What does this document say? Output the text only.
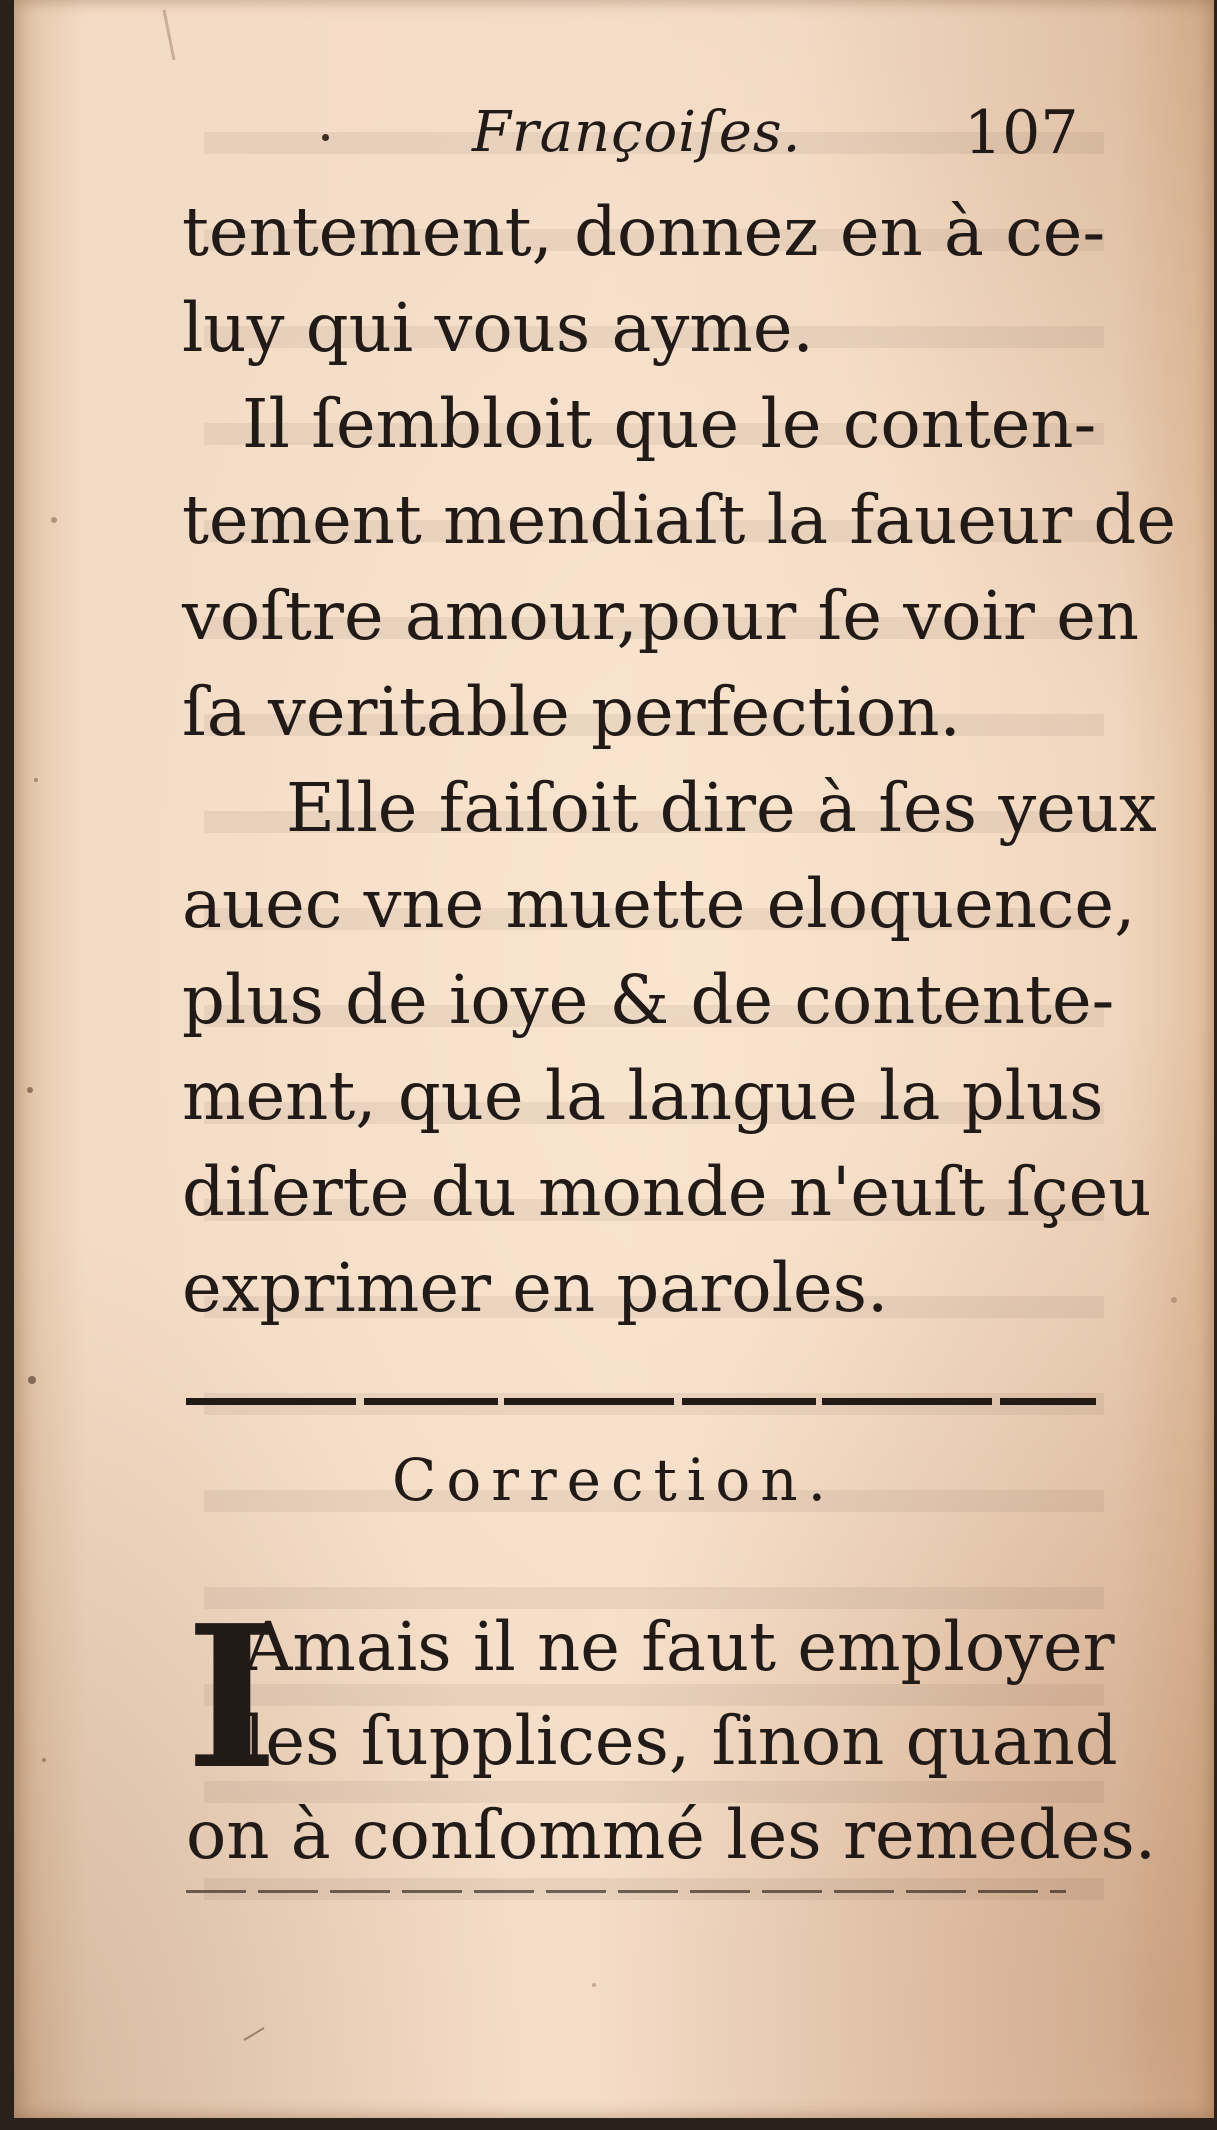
Françoiſes.	107
tentement, donnez en à ce-
luy qui vous ayme.
Il ſembloit que le conten-
tement mendiaſt la faueur de
voſtre amour,pour ſe voir en
ſa veritable perfection.
Elle faiſoit dire à ſes yeux
auec vne muette eloquence,
plus de ioye & de contente-
ment, que la langue la plus
diſerte du monde n'euſt ſçeu
exprimer en paroles.
Correction.
I
Amais il ne faut employer
les ſupplices, ſinon quand
on à conſommé les remedes.
